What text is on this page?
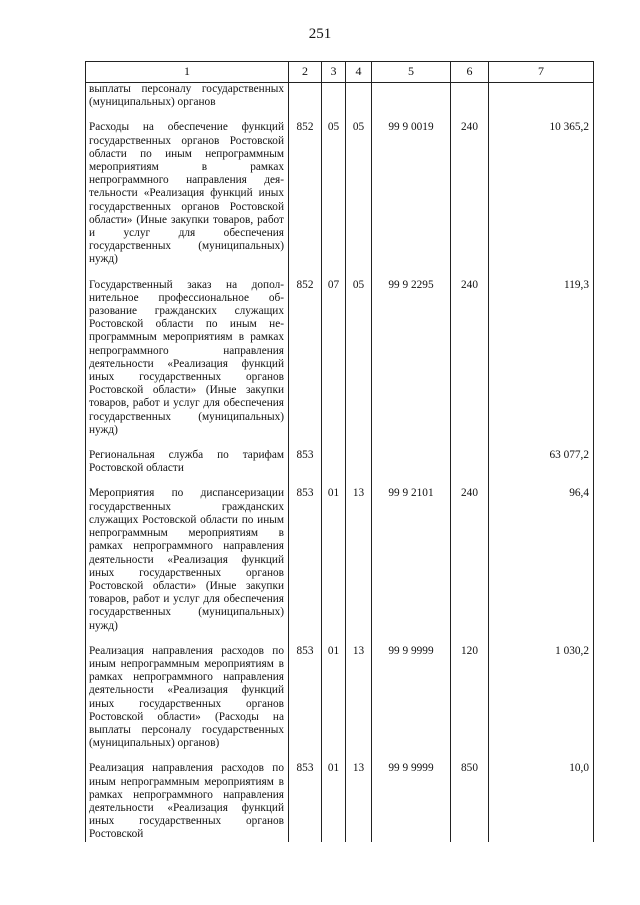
251
1	2	3	4	5	6	7
выплаты персоналу государственных (муниципальных) органов						

Расходы на обеспечение функций государственных органов Ростовской области по иным непрограммным мероприятиям в рамках непрограммного направления деятельности «Реализация функций иных государственных органов Ростовской области» (Иные закупки товаров, работ и услуг для обеспечения государственных (муниципальных) нужд)	852	05	05	99 9 0019	240	10 365,2

Государственный заказ на дополнительное профессиональное образование гражданских служащих Ростовской области по иным непрограммным мероприятиям в рамках непрограммного направления деятельности «Реализация функций иных государственных органов Ростовской области» (Иные закупки товаров, работ и услуг для обеспечения государственных (муниципальных) нужд)	852	07	05	99 9 2295	240	119,3

Региональная служба по тарифам Ростовской области	853					63 077,2

Мероприятия по диспансеризации государственных гражданских служащих Ростовской области по иным непрограммным мероприятиям в рамках непрограммного направления деятельности «Реализация функций иных государственных органов Ростовской области» (Иные закупки товаров, работ и услуг для обеспечения государственных (муниципальных) нужд)	853	01	13	99 9 2101	240	96,4

Реализация направления расходов по иным непрограммным мероприятиям в рамках непрограммного направления деятельности «Реализация функций иных государственных органов Ростовской области» (Расходы на выплаты персоналу государственных (муниципальных) органов)	853	01	13	99 9 9999	120	1 030,2

Реализация направления расходов по иным непрограммным мероприятиям в рамках непрограммного направления деятельности «Реализация функций иных государственных органов Ростовской	853	01	13	99 9 9999	850	10,0
